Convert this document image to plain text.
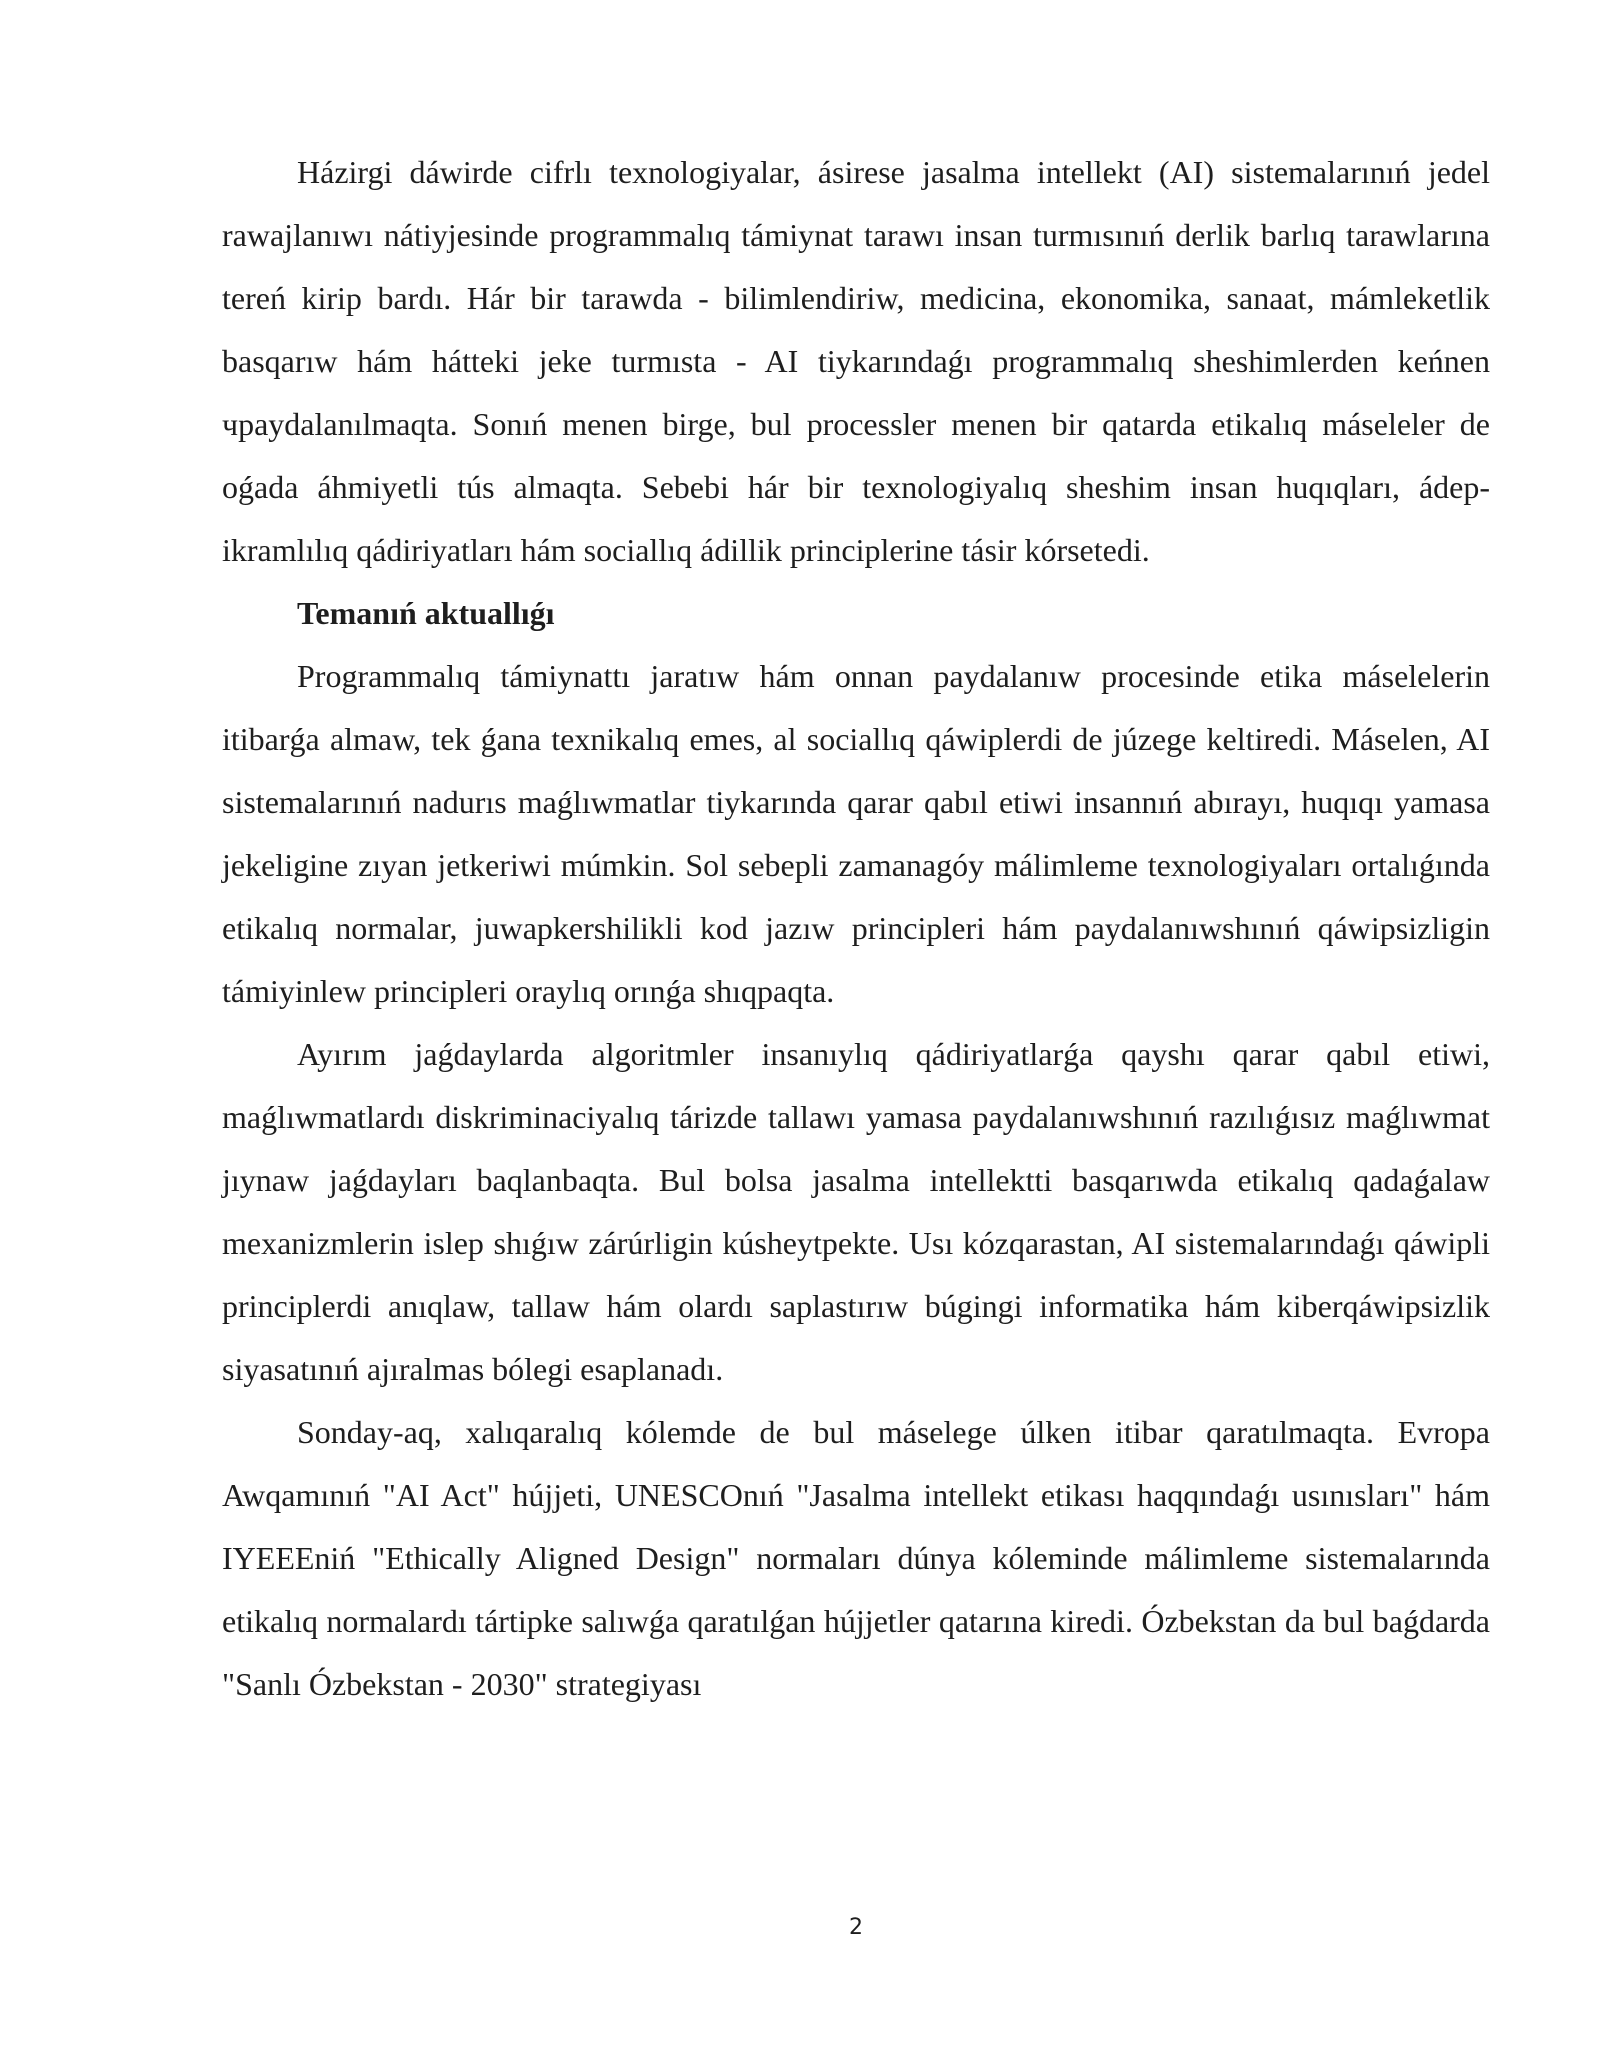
Házirgi dáwirde cifrlı texnologiyalar, ásirese jasalma intellekt (AI) sistemalarınıń jedel rawajlanıwı nátiyjesinde programmalıq támiynat tarawı insan turmısınıń derlik barlıq tarawlarına tereń kirip bardı. Hár bir tarawda - bilimlendiriw, medicina, ekonomika, sanaat, mámleketlik basqarıw hám hátteki jeke turmısta - AI tiykarındaǵı programmalıq sheshimlerden keńnen чpaydalanılmaqta. Sonıń menen birge, bul processler menen bir qatarda etikalıq máseleler de oǵada áhmiyetli tús almaqta. Sebebi hár bir texnologiyalıq sheshim insan huqıqları, ádep-ikramlılıq qádiriyatları hám sociallıq ádillik principlerine tásir kórsetedi.

Temanıń aktuallıǵı

Programmalıq támiynattı jaratıw hám onnan paydalanıw procesinde etika máselelerin itibarǵa almaw, tek ǵana texnikalıq emes, al sociallıq qáwiplerdi de júzege keltiredi. Máselen, AI sistemalarınıń nadurıs maǵlıwmatlar tiykarında qarar qabıl etiwi insannıń abırayı, huqıqı yamasa jekeligine zıyan jetkeriwi múmkin. Sol sebepli zamanagóy málimleme texnologiyaları ortalıǵında etikalıq normalar, juwapkershilikli kod jazıw principleri hám paydalanıwshınıń qáwipsizligin támiyinlew principleri oraylıq orınǵa shıqpaqta.

Ayırım jaǵdaylarda algoritmler insanıylıq qádiriyatlarǵa qayshı qarar qabıl etiwi, maǵlıwmatlardı diskriminaciyalıq tárizde tallawı yamasa paydalanıwshınıń razılıǵısız maǵlıwmat jıynaw jaǵdayları baqlanbaqta. Bul bolsa jasalma intellektti basqarıwda etikalıq qadaǵalaw mexanizmlerin islep shıǵıw zárúrligin kúsheytpekte. Usı kózqarastan, AI sistemalarındaǵı qáwipli principlerdi anıqlaw, tallaw hám olardı saplastırıw búgingi informatika hám kiberqáwipsizlik siyasatınıń ajıralmas bólegi esaplanadı.

Sonday-aq, xalıqaralıq kólemde de bul máselege úlken itibar qaratılmaqta. Evropa Awqamınıń "AI Act" hújjeti, UNESCOnıń "Jasalma intellekt etikası haqqındaǵı usınısları" hám IYEEEniń "Ethically Aligned Design" normaları dúnya kóleminde málimleme sistemalarında etikalıq normalardı tártipke salıwǵa qaratılǵan hújjetler qatarına kiredi. Ózbekstan da bul baǵdarda "Sanlı Ózbekstan - 2030" strategiyası

2
